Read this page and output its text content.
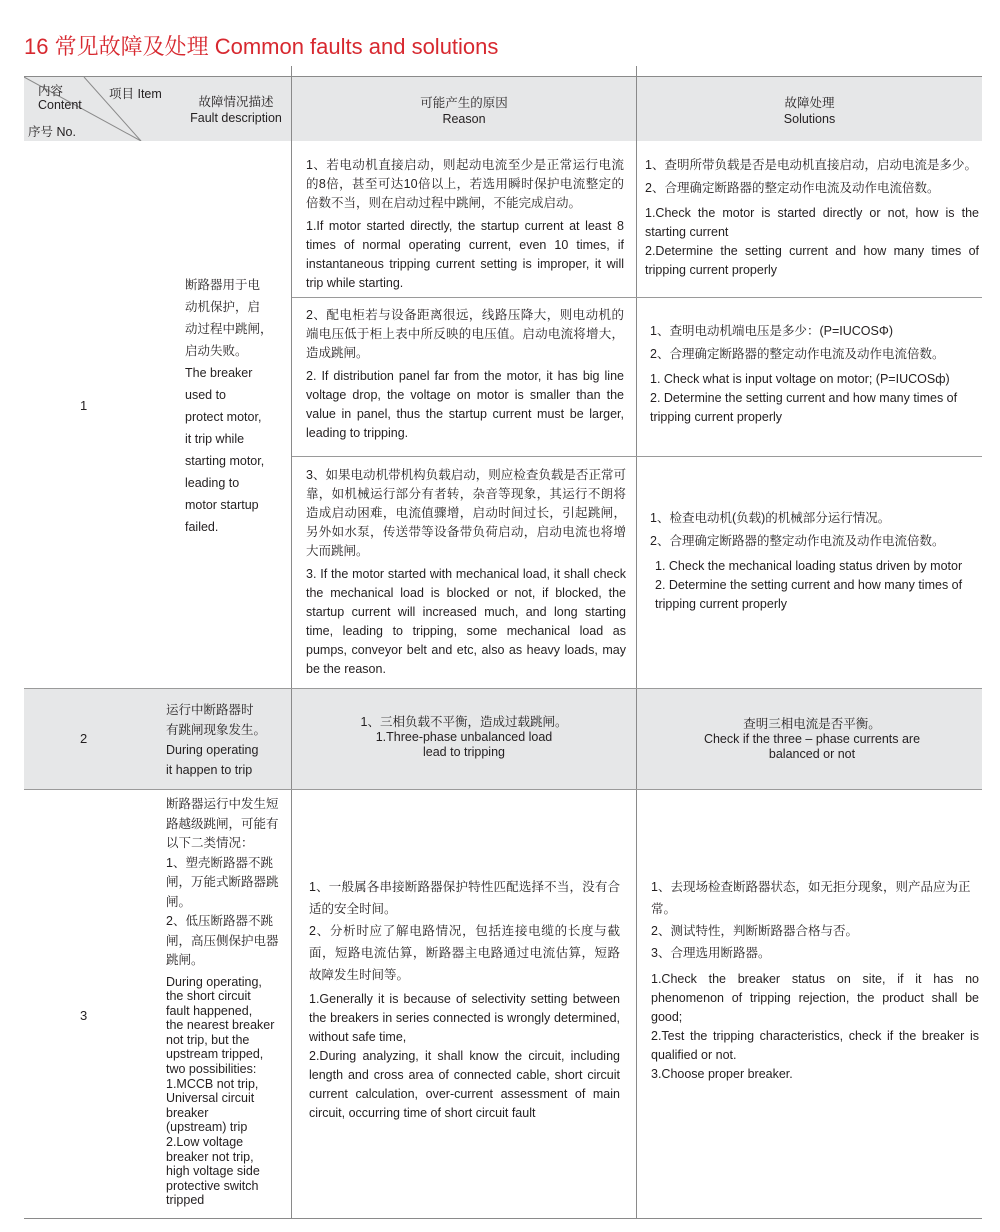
16 常见故障及处理 Common faults and solutions
内容
Content
项目 Item
序号 No.
故障情况描述
Fault description
可能产生的原因
Reason
故障处理
Solutions
1
断路器用于电
动机保护，启
动过程中跳闸，
启动失败。
The breaker
used to
protect motor,
it trip while
starting motor,
leading to
motor startup
failed.

1、若电动机直接启动，则起动电流至少是正常运行电流的8倍，甚至可达10倍以上，若选用瞬时保护电流整定的倍数不当，则在启动过程中跳闸，不能完成启动。

1.If motor started directly, the startup current at least 8 times of normal operating current, even 10 times, if instantaneous tripping current setting is improper, it will trip while starting.

1、查明所带负载是否是电动机直接启动，启动电流是多少。
2、合理确定断路器的整定动作电流及动作电流倍数。
1.Check the motor is started directly or not, how is the starting current
2.Determine the setting current and how many times of tripping current properly

2、配电柜若与设备距离很远，线路压降大，则电动机的端电压低于柜上表中所反映的电压值。启动电流将增大，造成跳闸。

2. If distribution panel far from the motor, it has big line voltage drop, the voltage on motor is smaller than the value in panel, thus the startup current must be larger, leading to tripping.

1、查明电动机端电压是多少：(P=IUCOSΦ)
2、合理确定断路器的整定动作电流及动作电流倍数。
1. Check what is input voltage on motor; (P=IUCOSф)
2. Determine the setting current and how many times of tripping current properly

3、如果电动机带机构负载启动，则应检查负载是否正常可靠，如机械运行部分有者转，杂音等现象，其运行不朗将造成启动困难，电流值骤增，启动时间过长，引起跳闸，另外如水泵，传送带等设备带负荷启动，启动电流也将增大而跳闸。

3. If the motor started with mechanical load, it shall check the mechanical load is blocked or not, if blocked, the startup current will increased much, and long starting time, leading to tripping, some mechanical load as pumps, conveyor belt and etc, also as heavy loads, may be the reason.

1、检查电动机(负载)的机械部分运行情况。
2、合理确定断路器的整定动作电流及动作电流倍数。
1. Check the mechanical loading status driven by motor
2. Determine the setting current and how many times of tripping current properly
2
运行中断路器时
有跳闸现象发生。
During operating
it happen to trip
1、三相负载不平衡，造成过载跳闸。
1.Three-phase unbalanced load
lead to tripping
查明三相电流是否平衡。
Check if the three – phase currents are
balanced or not
3
断路器运行中发生短
路越级跳闸，可能有
以下二类情况：
1、塑壳断路器不跳
闸，万能式断路器跳
闸。
2、低压断路器不跳
闸，高压侧保护电器
跳闸。
During operating,
the short circuit
fault happened,
the nearest breaker
not trip, but the
upstream tripped,
two possibilities:
1.MCCB not trip,
Universal circuit
breaker
(upstream) trip
2.Low voltage
breaker not trip,
high voltage side
protective switch
tripped
1、一般属各串接断路器保护特性匹配选择不当，没有合适的安全时间。
2、分析时应了解电路情况，包括连接电缆的长度与截面，短路电流估算，断路器主电路通过电流估算，短路故障发生时间等。
1.Generally it is because of selectivity setting between the breakers in series connected is wrongly determined, without safe time,
2.During analyzing, it shall know the circuit, including length and cross area of connected cable, short circuit current calculation, over-current assessment of main circuit, occurring time of short circuit fault
1、去现场检查断路器状态，如无拒分现象，则产品应为正常。
2、测试特性，判断断路器合格与否。
3、合理选用断路器。
1.Check the breaker status on site, if it has no phenomenon of tripping rejection, the product shall be good;
2.Test the tripping characteristics, check if the breaker is qualified or not.
3.Choose proper breaker.
